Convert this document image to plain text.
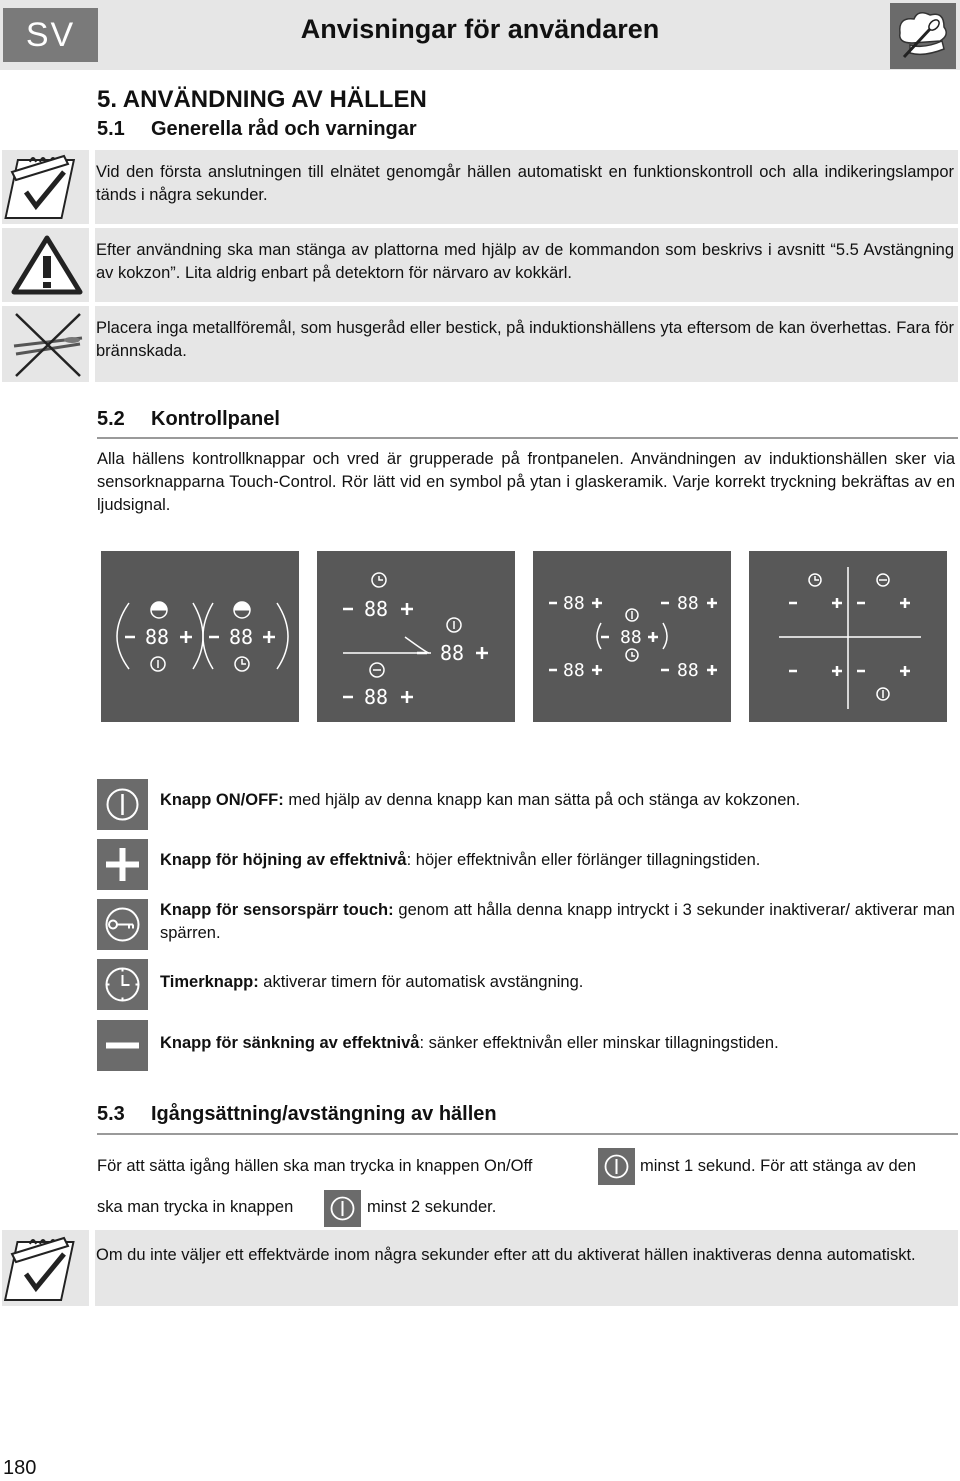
SV	Anvisningar för användaren
5. ANVÄNDNING AV HÄLLEN
5.1 Generella råd och varningar
Vid den första anslutningen till elnätet genomgår hällen automatiskt en funktionskontroll och alla indikeringslampor tänds i några sekunder.
Efter användning ska man stänga av plattorna med hjälp av de kommandon som beskrivs i avsnitt “5.5 Avstängning av kokzon”. Lita aldrig enbart på detektorn för närvaro av kokkärl.
Placera inga metallföremål, som husgeråd eller bestick, på induktionshällens yta eftersom de kan överhettas. Fara för brännskada.
5.2 Kontrollpanel
Alla hällens kontrollknappar och vred är grupperade på frontpanelen. Användningen av induktionshällen sker via sensorknapparna Touch-Control. Rör lätt vid en symbol på ytan i glaskeramik. Varje korrekt tryckning bekräftas av en ljudsignal.
88	88
88
88
88
88	88
88
88	88
Knapp ON/OFF: med hjälp av denna knapp kan man sätta på och stänga av kokzonen.
Knapp för höjning av effektnivå: höjer effektnivån eller förlänger tillagningstiden.
Knapp för sensorspärr touch: genom att hålla denna knapp intryckt i 3 sekunder inaktiverar/ aktiverar man spärren.
Timerknapp: aktiverar timern för automatisk avstängning.
Knapp för sänkning av effektnivå: sänker effektnivån eller minskar tillagningstiden.
5.3 Igångsättning/avstängning av hällen
För att sätta igång hällen ska man trycka in knappen On/Off	minst 1 sekund. För att stänga av den
ska man trycka in knappen	minst 2 sekunder.
Om du inte väljer ett effektvärde inom några sekunder efter att du aktiverat hällen inaktiveras denna automatiskt.
180
